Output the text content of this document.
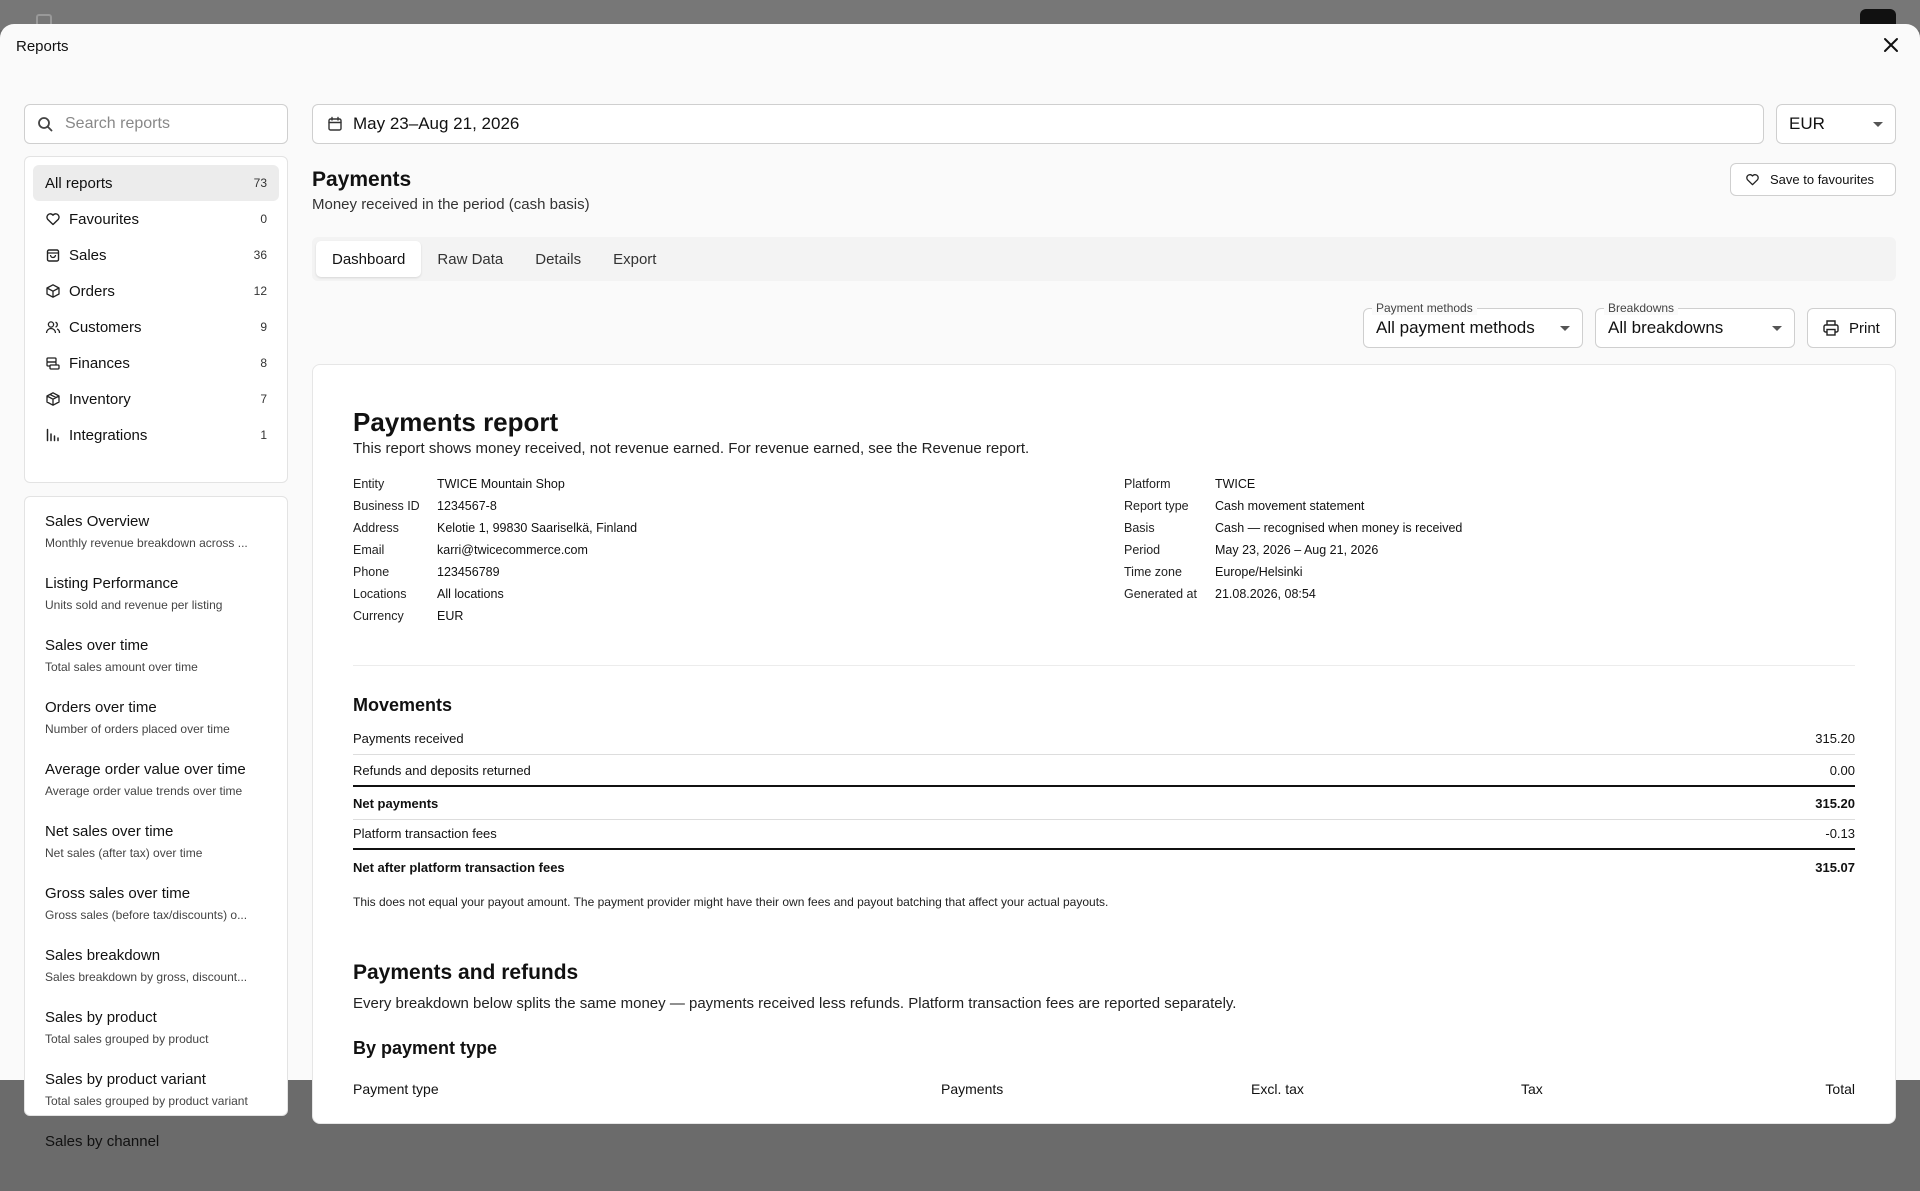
Reports
Search reports
All reports	73
Favourites	0
Sales	36
Orders	12
Customers	9
Finances	8
Inventory	7
Integrations	1
Sales Overview
Monthly revenue breakdown across ...
Listing Performance
Units sold and revenue per listing
Sales over time
Total sales amount over time
Orders over time
Number of orders placed over time
Average order value over time
Average order value trends over time
Net sales over time
Net sales (after tax) over time
Gross sales over time
Gross sales (before tax/discounts) o...
Sales breakdown
Sales breakdown by gross, discount...
Sales by product
Total sales grouped by product
Sales by product variant
Total sales grouped by product variant
Sales by channel
May 23–Aug 21, 2026	EUR
Payments
Money received in the period (cash basis)
Save to favourites
Dashboard	Raw Data	Details	Export
Payment methods
All payment methods
Breakdowns
All breakdowns	Print
Payments report
This report shows money received, not revenue earned. For revenue earned, see the Revenue report.
Entity	TWICE Mountain Shop
Business ID	1234567-8
Address	Kelotie 1, 99830 Saariselkä, Finland
Email	karri@twicecommerce.com
Phone	123456789
Locations	All locations
Currency	EUR
Platform	TWICE
Report type	Cash movement statement
Basis	Cash — recognised when money is received
Period	May 23, 2026 – Aug 21, 2026
Time zone	Europe/Helsinki
Generated at	21.08.2026, 08:54
Movements
Payments received	315.20
Refunds and deposits returned	0.00
Net payments	315.20
Platform transaction fees	-0.13
Net after platform transaction fees	315.07
This does not equal your payout amount. The payment provider might have their own fees and payout batching that affect your actual payouts.
Payments and refunds
Every breakdown below splits the same money — payments received less refunds. Platform transaction fees are reported separately.
By payment type
Payment type	Payments	Excl. tax	Tax	Total
